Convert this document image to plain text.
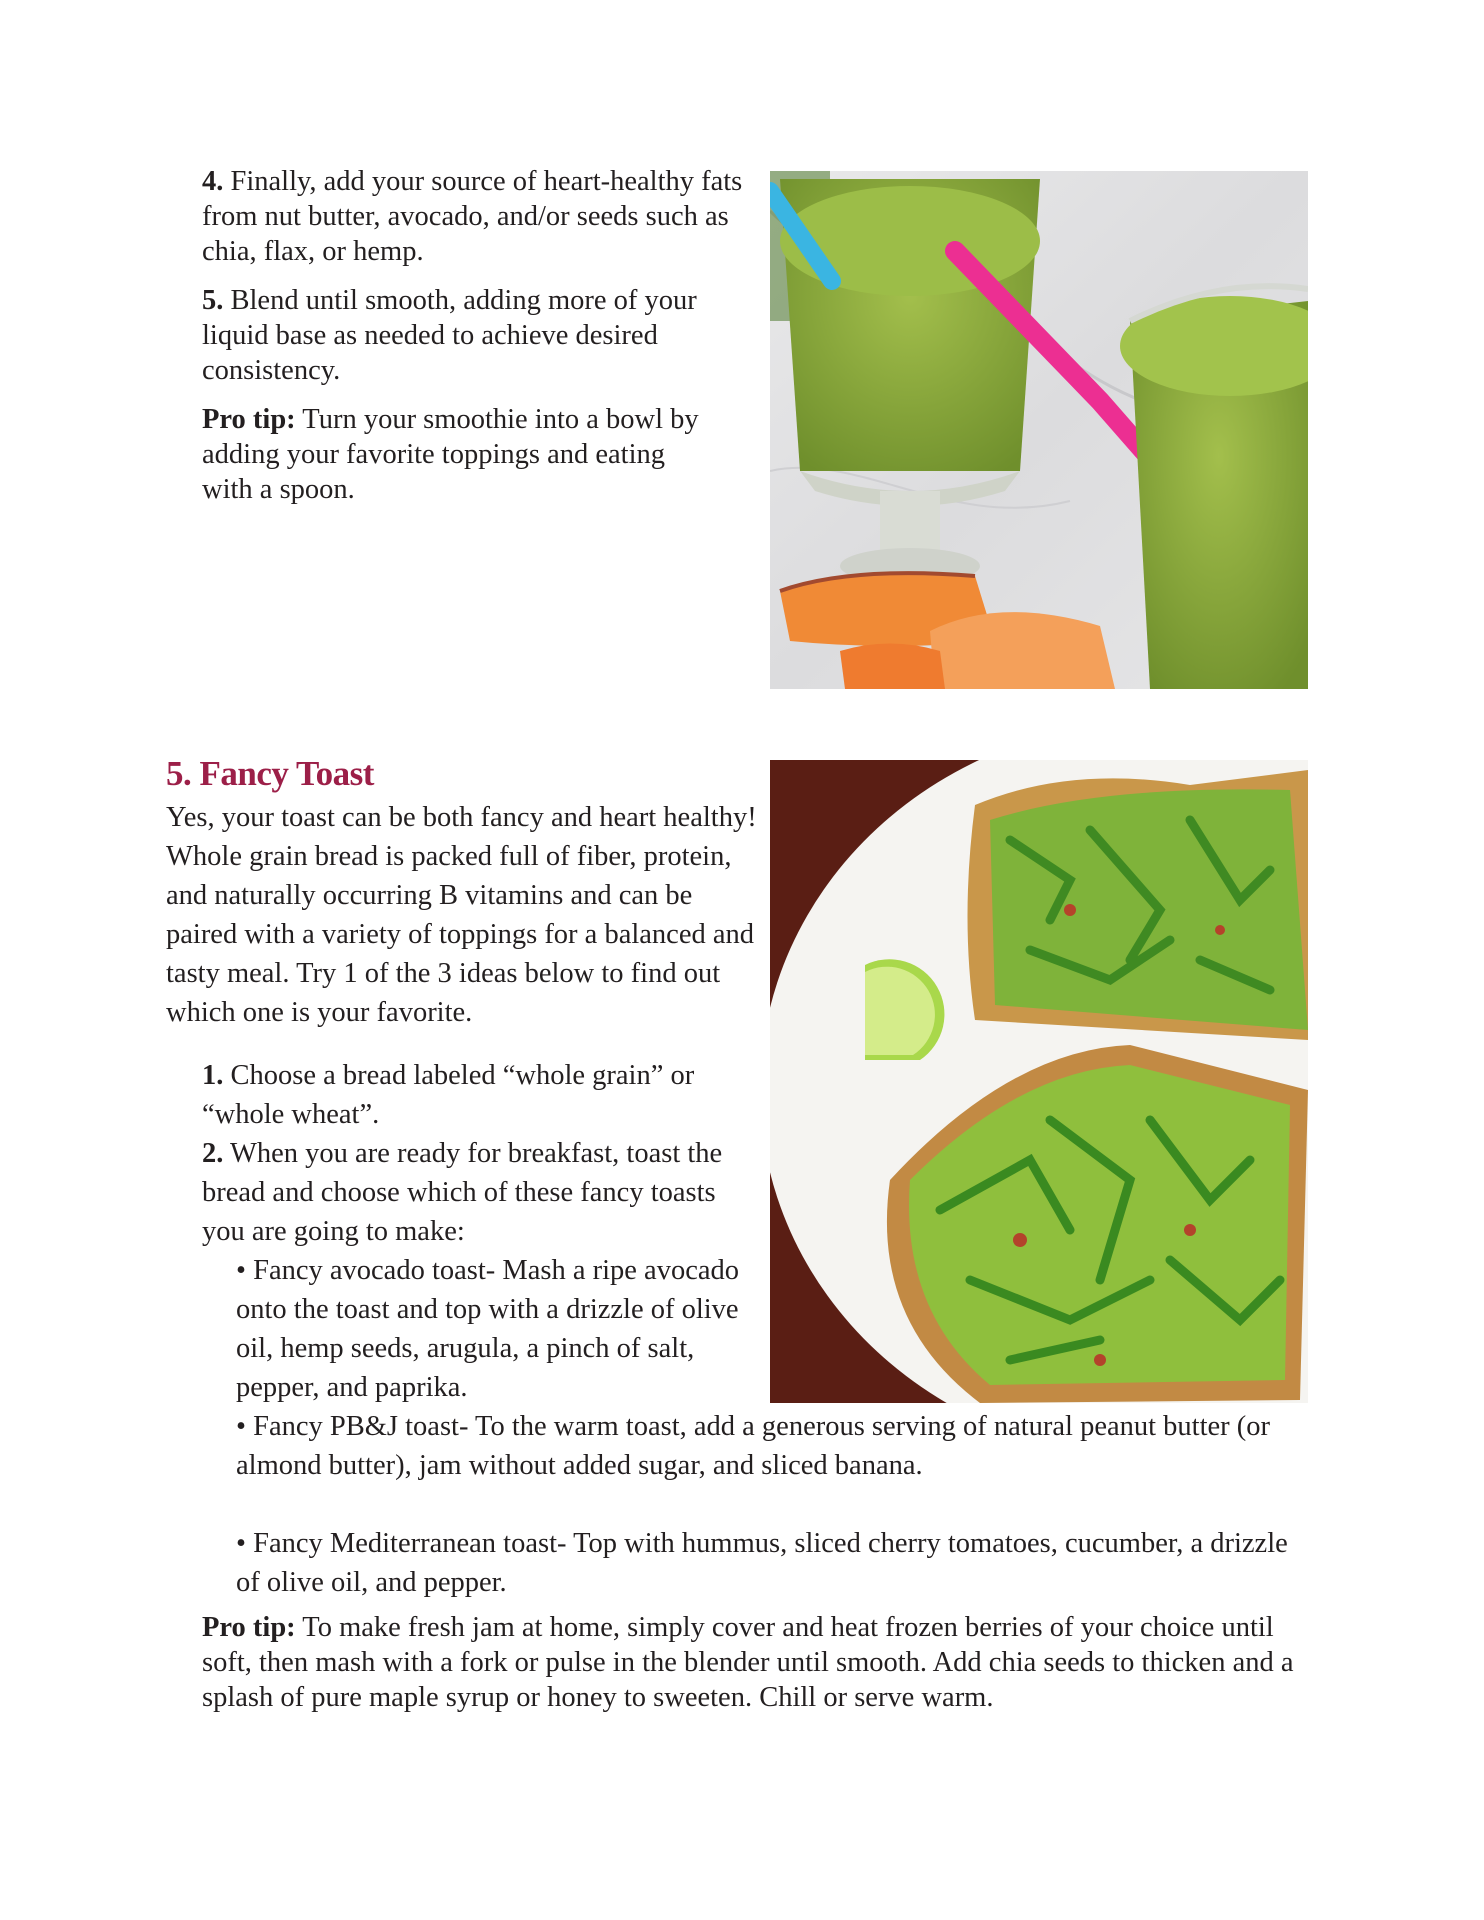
4. Finally, add your source of heart-healthy fats from nut butter, avocado, and/or seeds such as chia, flax, or hemp.

5. Blend until smooth, adding more of your liquid base as needed to achieve desired consistency.

Pro tip: Turn your smoothie into a bowl by adding your favorite toppings and eating with a spoon.

5. Fancy Toast

Yes, your toast can be both fancy and heart healthy! Whole grain bread is packed full of fiber, protein, and naturally occurring B vitamins and can be paired with a variety of toppings for a balanced and tasty meal. Try 1 of the 3 ideas below to find out which one is your favorite.

1. Choose a bread labeled “whole grain” or “whole wheat”.

2. When you are ready for breakfast, toast the bread and choose which of these fancy toasts you are going to make:

• Fancy avocado toast- Mash a ripe avocado onto the toast and top with a drizzle of olive oil, hemp seeds, arugula, a pinch of salt, pepper, and paprika.

• Fancy PB&J toast- To the warm toast, add a generous serving of natural peanut butter (or almond butter), jam without added sugar, and sliced banana.

• Fancy Mediterranean toast- Top with hummus, sliced cherry tomatoes, cucumber, a drizzle of olive oil, and pepper.

Pro tip: To make fresh jam at home, simply cover and heat frozen berries of your choice until soft, then mash with a fork or pulse in the blender until smooth. Add chia seeds to thicken and a splash of pure maple syrup or honey to sweeten. Chill or serve warm.
